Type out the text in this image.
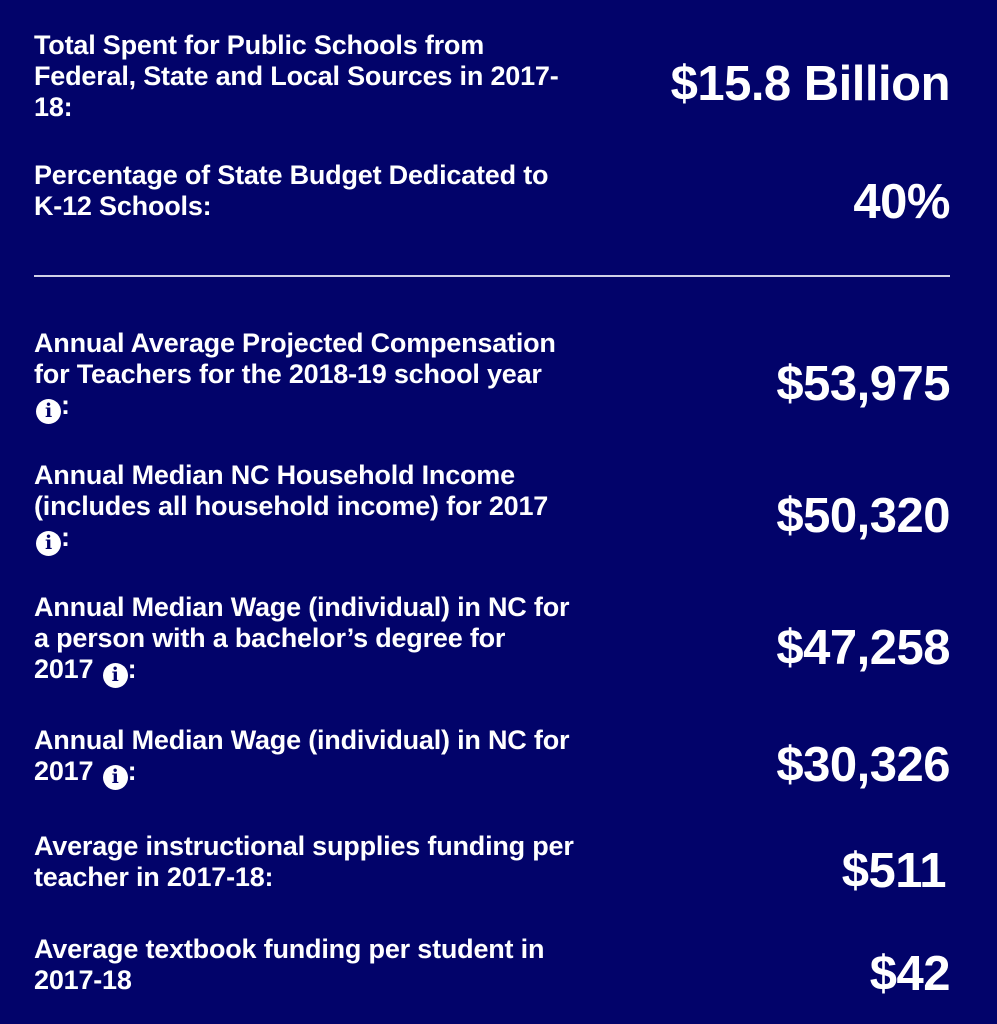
Total Spent for Public Schools from
Federal, State and Local Sources in 2017-
18:	$15.8 Billion
Percentage of State Budget Dedicated to
K-12 Schools:	40%
Annual Average Projected Compensation
for Teachers for the 2018-19 school year
i :	$53,975
Annual Median NC Household Income
(includes all household income) for 2017
i :	$50,320
Annual Median Wage (individual) in NC for
a person with a bachelor’s degree for
2017 i :	$47,258
Annual Median Wage (individual) in NC for
2017 i :	$30,326
Average instructional supplies funding per
teacher in 2017-18:	$511
Average textbook funding per student in
2017-18	$42
